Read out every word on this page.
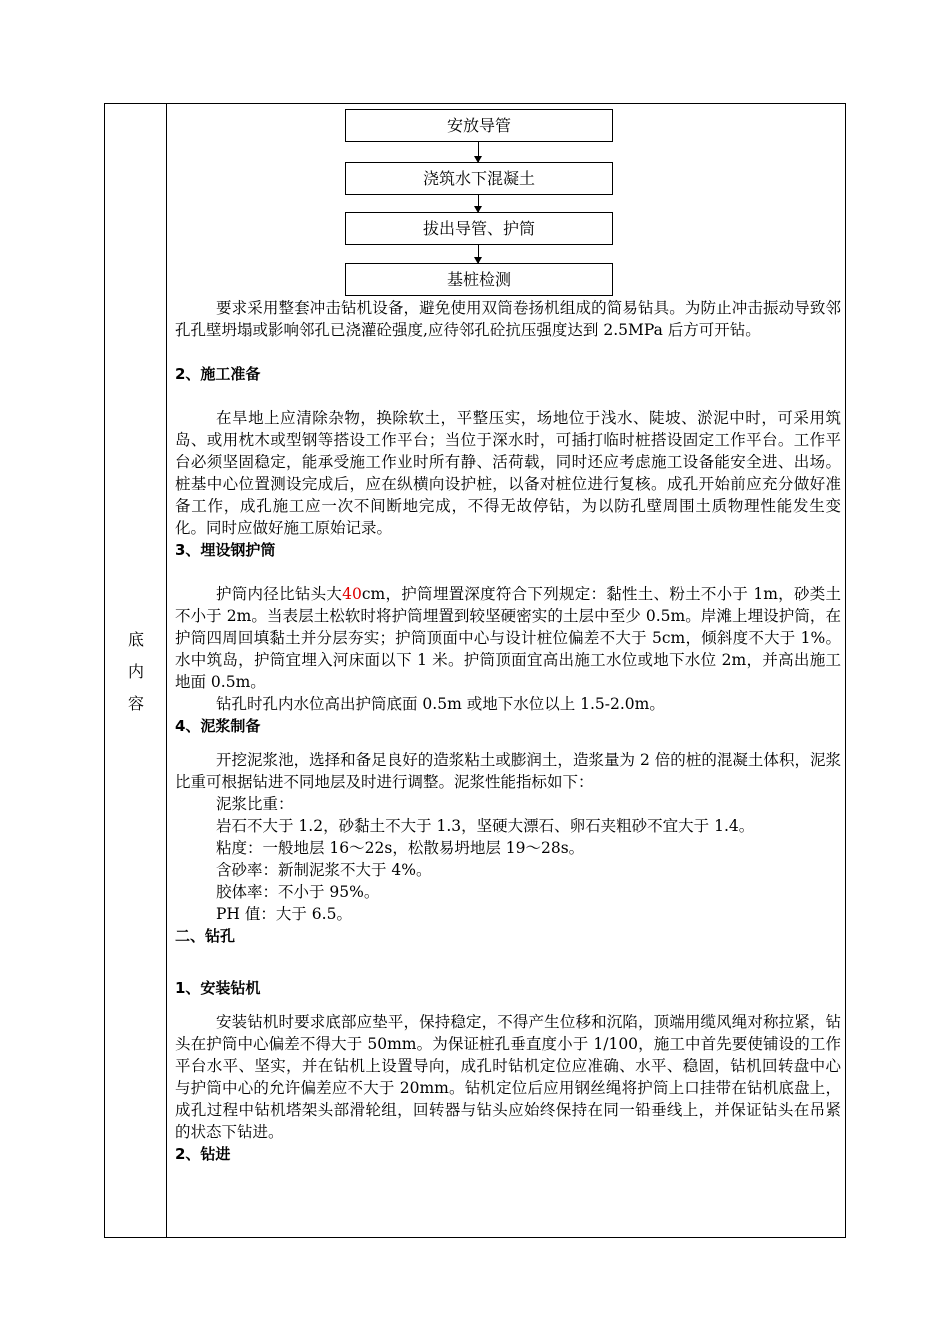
底内容
安放导管
浇筑水下混凝土
拔出导管、护筒
基桩检测

要求采用整套冲击钻机设备，避免使用双筒卷扬机组成的简易钻具。为防止冲击振动导致邻孔孔壁坍塌或影响邻孔已浇灌砼强度,应待邻孔砼抗压强度达到 2.5MPa 后方可开钻。

2、施工准备

在旱地上应清除杂物，换除软土，平整压实，场地位于浅水、陡坡、淤泥中时，可采用筑岛、或用枕木或型钢等搭设工作平台；当位于深水时，可插打临时桩搭设固定工作平台。工作平台必须坚固稳定，能承受施工作业时所有静、活荷载，同时还应考虑施工设备能安全进、出场。桩基中心位置测设完成后，应在纵横向设护桩，以备对桩位进行复核。成孔开始前应充分做好准备工作，成孔施工应一次不间断地完成，不得无故停钻，为以防孔壁周围土质物理性能发生变化。同时应做好施工原始记录。

3、埋设钢护筒

护筒内径比钻头大40cm，护筒埋置深度符合下列规定：黏性土、粉土不小于 1m，砂类土不小于 2m。当表层土松软时将护筒埋置到较坚硬密实的土层中至少 0.5m。岸滩上埋设护筒，在护筒四周回填黏土并分层夯实；护筒顶面中心与设计桩位偏差不大于 5cm，倾斜度不大于 1%。水中筑岛，护筒宜埋入河床面以下 1 米。护筒顶面宜高出施工水位或地下水位 2m，并高出施工地面 0.5m。

钻孔时孔内水位高出护筒底面 0.5m 或地下水位以上 1.5-2.0m。

4、泥浆制备

开挖泥浆池，选择和备足良好的造浆粘土或膨润土，造浆量为 2 倍的桩的混凝土体积，泥浆比重可根据钻进不同地层及时进行调整。泥浆性能指标如下：

泥浆比重：

岩石不大于 1.2，砂黏土不大于 1.3，坚硬大漂石、卵石夹粗砂不宜大于 1.4。

粘度：一般地层 16～22s，松散易坍地层 19～28s。

含砂率：新制泥浆不大于 4%。

胶体率：不小于 95%。

PH 值：大于 6.5。

二、钻孔

1、安装钻机

安装钻机时要求底部应垫平，保持稳定，不得产生位移和沉陷，顶端用缆风绳对称拉紧，钻头在护筒中心偏差不得大于 50mm。为保证桩孔垂直度小于 1/100，施工中首先要使铺设的工作平台水平、坚实，并在钻机上设置导向，成孔时钻机定位应准确、水平、稳固，钻机回转盘中心与护筒中心的允许偏差应不大于 20mm。钻机定位后应用钢丝绳将护筒上口挂带在钻机底盘上，成孔过程中钻机塔架头部滑轮组，回转器与钻头应始终保持在同一铅垂线上，并保证钻头在吊紧的状态下钻进。

2、钻进
